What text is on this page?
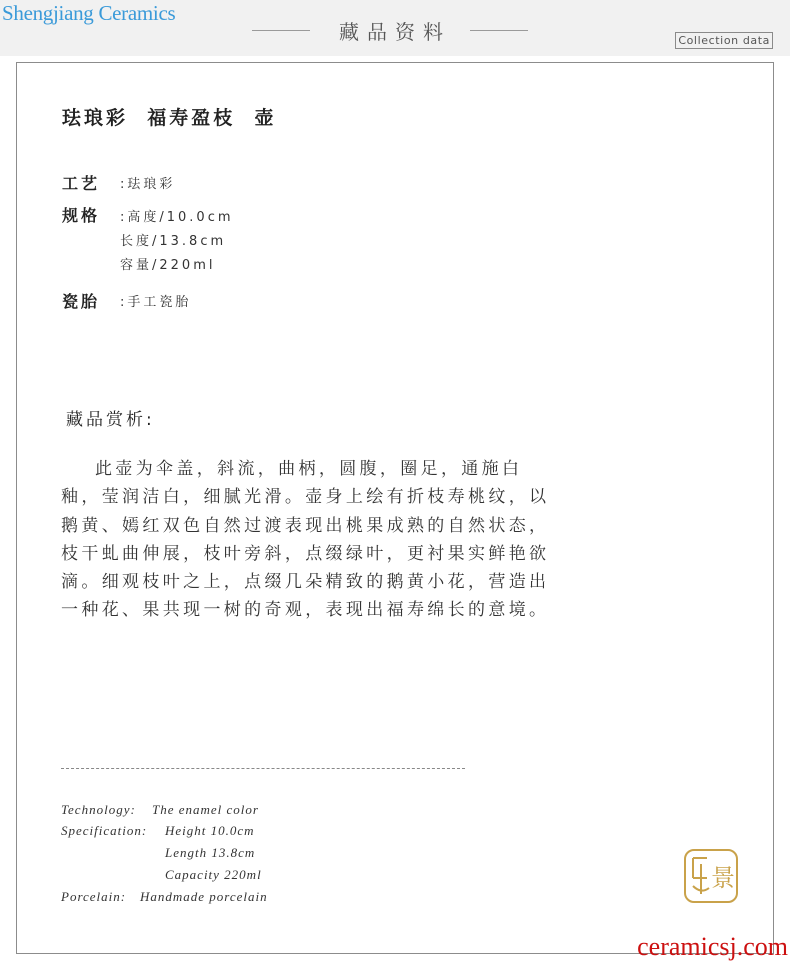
Shengjiang Ceramics
藏品资料	Collection data
珐琅彩  福寿盈枝  壶
工艺 :珐琅彩
规格 :高度/10.0cm
长度/13.8cm
容量/220ml
瓷胎 :手工瓷胎
藏品赏析:

此壶为伞盖，斜流，曲柄，圆腹，圈足，通施白釉，莹润洁白，细腻光滑。壶身上绘有折枝寿桃纹，以鹅黄、嫣红双色自然过渡表现出桃果成熟的自然状态，枝干虬曲伸展，枝叶旁斜，点缀绿叶，更衬果实鲜艳欲滴。细观枝叶之上，点缀几朵精致的鹅黄小花，营造出一种花、果共现一树的奇观，表现出福寿绵长的意境。

Technology: The enamel color
Specification: Height 10.0cm
Length 13.8cm
Capacity 220ml
Porcelain: Handmade porcelain
景
ceramicsj.com
